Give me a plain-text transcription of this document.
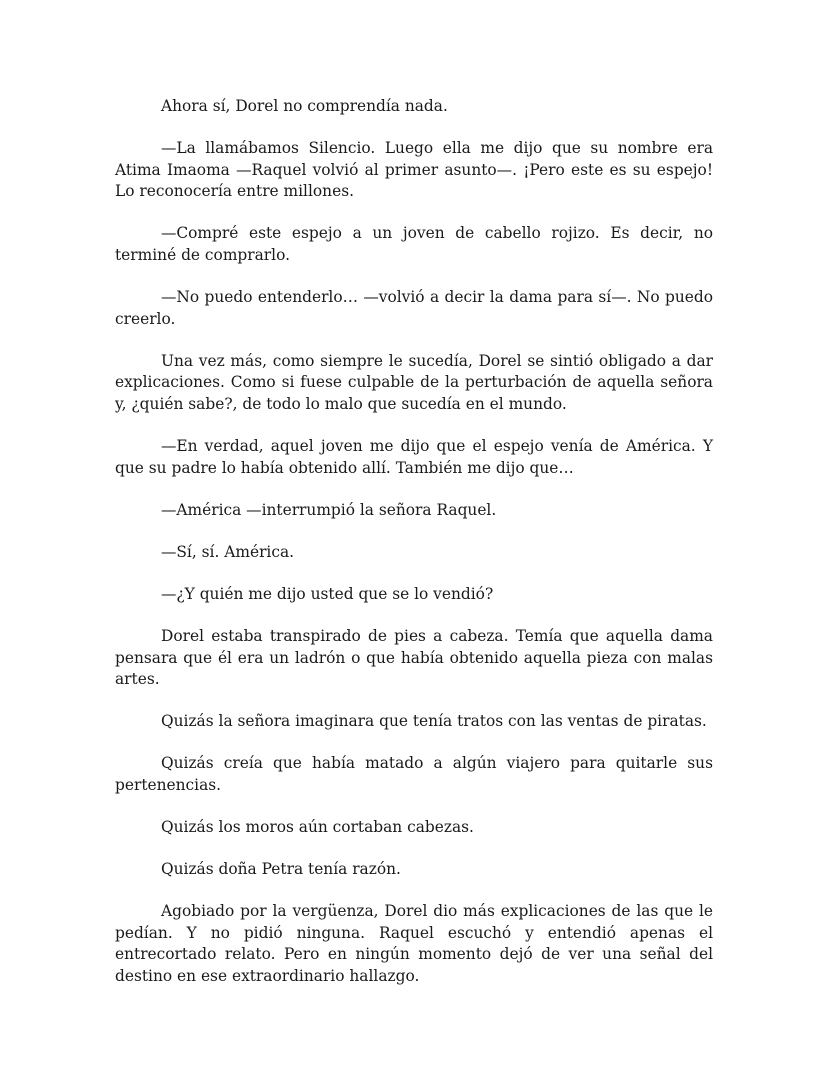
Ahora sí, Dorel no comprendía nada.

—La llamábamos Silencio. Luego ella me dijo que su nombre era Atima Imaoma —Raquel volvió al primer asunto—. ¡Pero este es su espejo! Lo reconocería entre millones.

—Compré este espejo a un joven de cabello rojizo. Es decir, no terminé de comprarlo.

—No puedo entenderlo… —volvió a decir la dama para sí—. No puedo creerlo.

Una vez más, como siempre le sucedía, Dorel se sintió obligado a dar explicaciones. Como si fuese culpable de la perturbación de aquella señora y, ¿quién sabe?, de todo lo malo que sucedía en el mundo.

—En verdad, aquel joven me dijo que el espejo venía de América. Y que su padre lo había obtenido allí. También me dijo que…

—América —interrumpió la señora Raquel.

—Sí, sí. América.

—¿Y quién me dijo usted que se lo vendió?

Dorel estaba transpirado de pies a cabeza. Temía que aquella dama pensara que él era un ladrón o que había obtenido aquella pieza con malas artes.

Quizás la señora imaginara que tenía tratos con las ventas de piratas.

Quizás creía que había matado a algún viajero para quitarle sus pertenencias.

Quizás los moros aún cortaban cabezas.

Quizás doña Petra tenía razón.

Agobiado por la vergüenza, Dorel dio más explicaciones de las que le pedían. Y no pidió ninguna. Raquel escuchó y entendió apenas el entrecortado relato. Pero en ningún momento dejó de ver una señal del destino en ese extraordinario hallazgo.
